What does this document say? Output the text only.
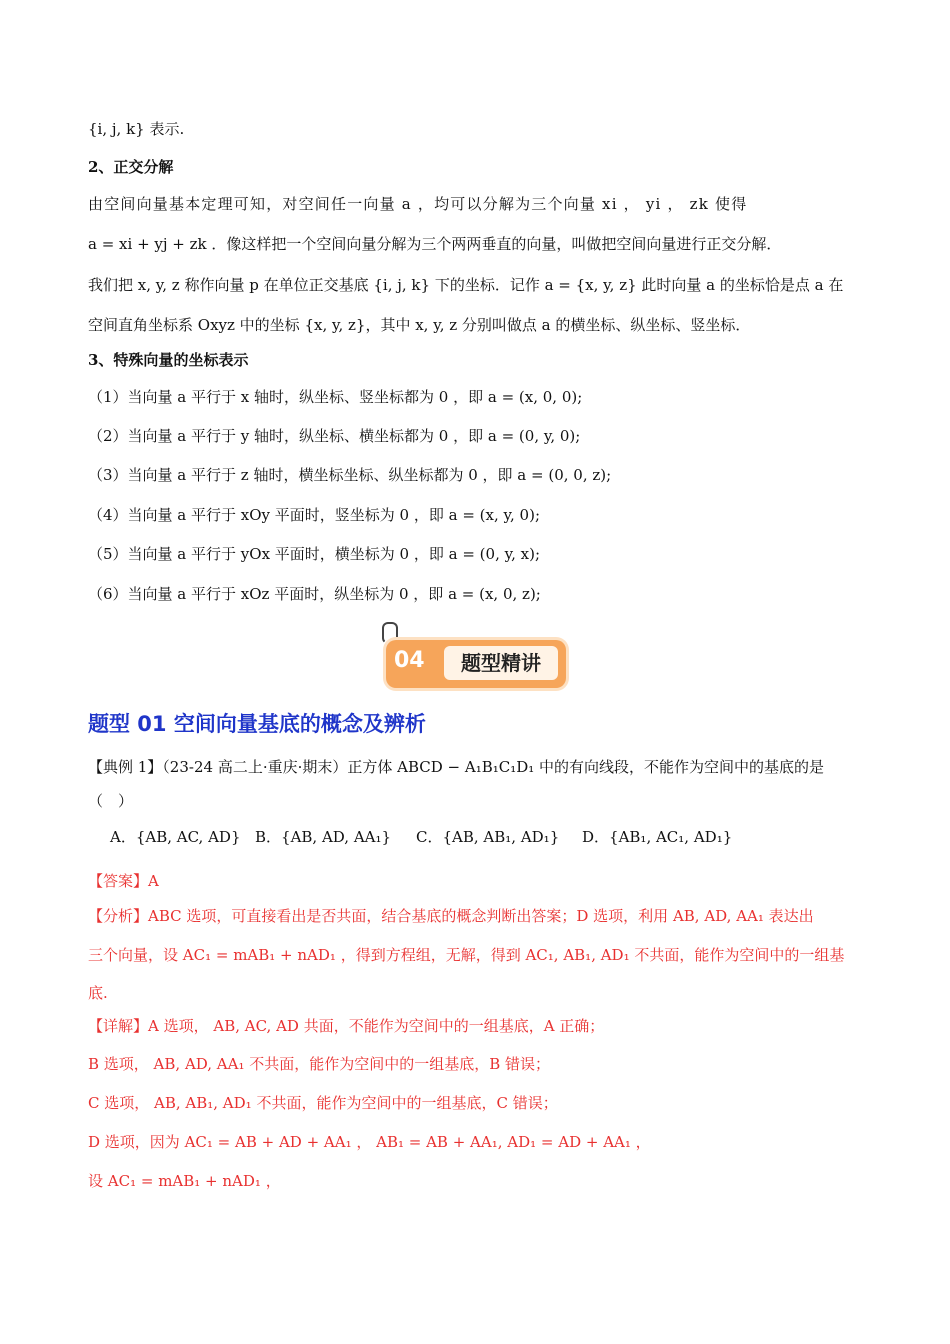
{i, j, k} 表示.
2、正交分解
由空间向量基本定理可知，对空间任一向量 a ，均可以分解为三个向量 xi ， yi ， zk 使得
a = xi + yj + zk ．像这样把一个空间向量分解为三个两两垂直的向量，叫做把空间向量进行正交分解．
我们把 x, y, z 称作向量 p 在单位正交基底 {i, j, k} 下的坐标．记作 a = {x, y, z} 此时向量 a 的坐标恰是点 a 在
空间直角坐标系 Oxyz 中的坐标 {x, y, z}，其中 x, y, z 分别叫做点 a 的横坐标、纵坐标、竖坐标．
3、特殊向量的坐标表示
（1）当向量 a 平行于 x 轴时，纵坐标、竖坐标都为 0 ，即 a = (x, 0, 0);
（2）当向量 a 平行于 y 轴时，纵坐标、横坐标都为 0 ，即 a = (0, y, 0);
（3）当向量 a 平行于 z 轴时，横坐标坐标、纵坐标都为 0 ，即 a = (0, 0, z);
（4）当向量 a 平行于 xOy 平面时，竖坐标为 0 ，即 a = (x, y, 0);
（5）当向量 a 平行于 yOx 平面时，横坐标为 0 ，即 a = (0, y, x);
（6）当向量 a 平行于 xOz 平面时，纵坐标为 0 ，即 a = (x, 0, z);
04	题型精讲
题型 01 空间向量基底的概念及辨析
【典例 1】（23-24 高二上·重庆·期末）正方体 ABCD − A₁B₁C₁D₁ 中的有向线段，不能作为空间中的基底的是
（　）
A．{AB, AC, AD} B．{AB, AD, AA₁} C．{AB, AB₁, AD₁} D．{AB₁, AC₁, AD₁}
【答案】A
【分析】ABC 选项，可直接看出是否共面，结合基底的概念判断出答案；D 选项，利用 AB, AD, AA₁ 表达出
三个向量，设 AC₁ = mAB₁ + nAD₁ ，得到方程组，无解，得到 AC₁, AB₁, AD₁ 不共面，能作为空间中的一组基
底.
【详解】A 选项， AB, AC, AD 共面，不能作为空间中的一组基底，A 正确；
B 选项， AB, AD, AA₁ 不共面，能作为空间中的一组基底，B 错误；
C 选项， AB, AB₁, AD₁ 不共面，能作为空间中的一组基底，C 错误；
D 选项，因为 AC₁ = AB + AD + AA₁ ， AB₁ = AB + AA₁, AD₁ = AD + AA₁ ，
设 AC₁ = mAB₁ + nAD₁ ，
